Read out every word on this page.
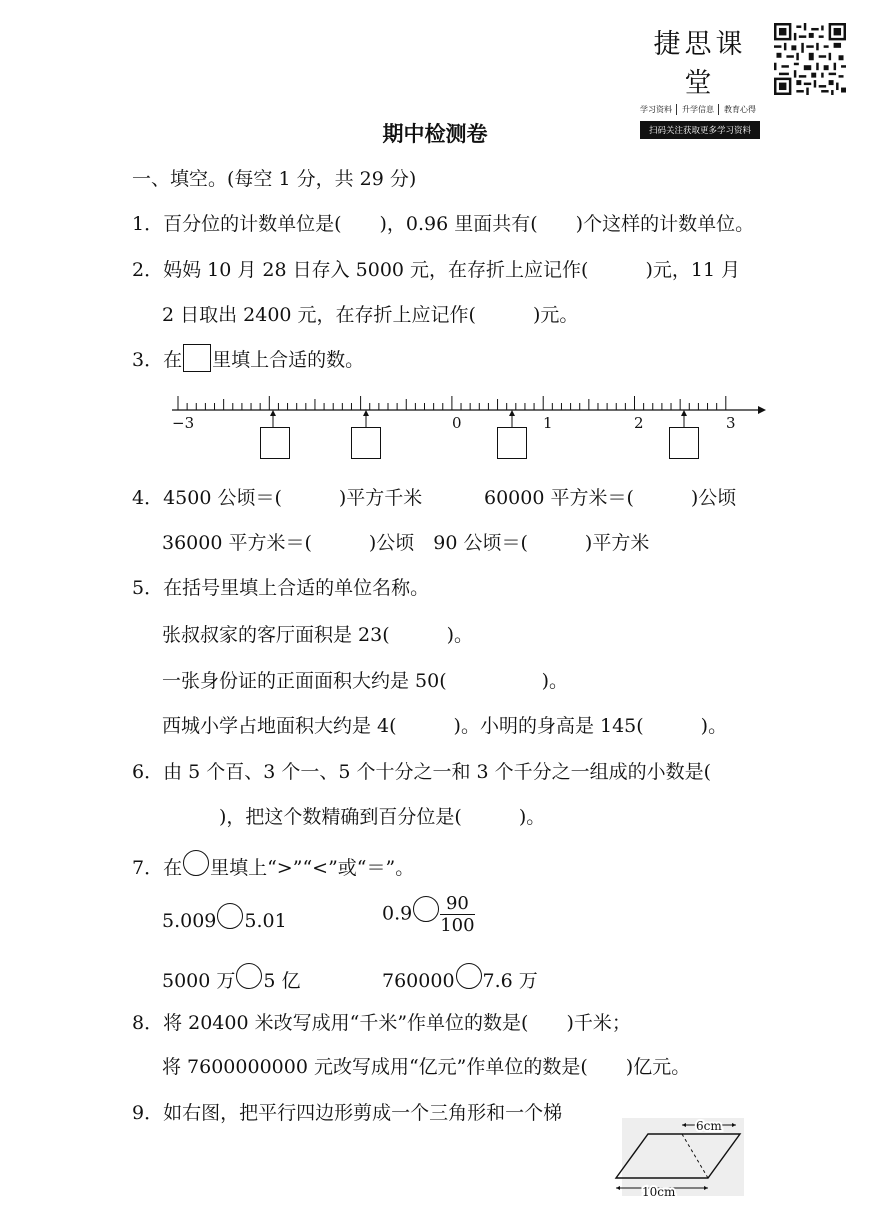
捷思课堂
学习资料	升学信息	教育心得
扫码关注获取更多学习资料
期中检测卷
一、填空。(每空 1 分，共 29 分)
1．百分位的计数单位是(　　)，0.96 里面共有(　　)个这样的计数单位。
2．妈妈 10 月 28 日存入 5000 元，在存折上应记作(　　　)元，11 月
2 日取出 2400 元，在存折上应记作(　　　)元。
3．在 里填上合适的数。
−3	0	1	2	3
4．4500 公顷＝(　　　)平方千米	60000 平方米＝(　　　)公顷
36000 平方米＝(　　　)公顷　90 公顷＝(　　　)平方米
5．在括号里填上合适的单位名称。
张叔叔家的客厅面积是 23(　　　)。
一张身份证的正面面积大约是 50(　　　　　)。
西城小学占地面积大约是 4(　　　)。小明的身高是 145(　　　)。
6．由 5 个百、3 个一、5 个十分之一和 3 个千分之一组成的小数是(
　　　)，把这个数精确到百分位是(　　　)。
7．在 里填上“>”“<”或“＝”。
5.009 5.01	$0.9 \frac{90}{100}$
5000 万 5 亿	760000 7.6 万
8．将 20400 米改写成用“千米”作单位的数是(　　)千米；
将 7600000000 元改写成用“亿元”作单位的数是(　　)亿元。
9．如右图，把平行四边形剪成一个三角形和一个梯
6cm
10cm
